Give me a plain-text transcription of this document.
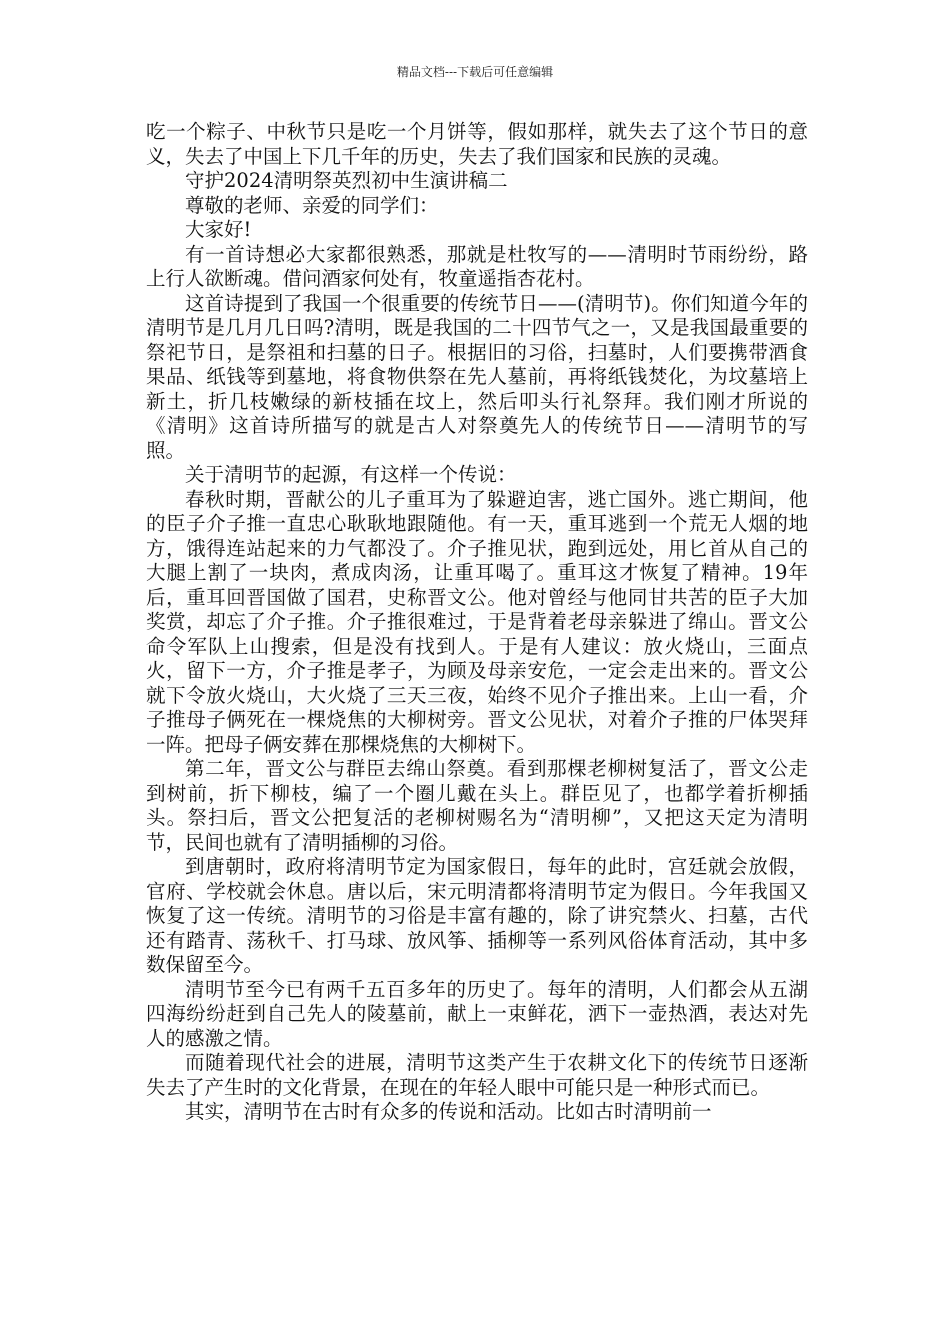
精品文档---下载后可任意编辑

吃一个粽子、中秋节只是吃一个月饼等，假如那样，就失去了这个节日的意义，失去了中国上下几千年的历史，失去了我们国家和民族的灵魂。

守护2024清明祭英烈初中生演讲稿二

尊敬的老师、亲爱的同学们：

大家好!

有一首诗想必大家都很熟悉，那就是杜牧写的——清明时节雨纷纷，路上行人欲断魂。借问酒家何处有，牧童遥指杏花村。

这首诗提到了我国一个很重要的传统节日——(清明节)。你们知道今年的清明节是几月几日吗?清明，既是我国的二十四节气之一，又是我国最重要的祭祀节日，是祭祖和扫墓的日子。根据旧的习俗，扫墓时，人们要携带酒食果品、纸钱等到墓地，将食物供祭在先人墓前，再将纸钱焚化，为坟墓培上新土，折几枝嫩绿的新枝插在坟上，然后叩头行礼祭拜。我们刚才所说的《清明》这首诗所描写的就是古人对祭奠先人的传统节日——清明节的写照。

关于清明节的起源，有这样一个传说：

春秋时期，晋献公的儿子重耳为了躲避迫害，逃亡国外。逃亡期间，他的臣子介子推一直忠心耿耿地跟随他。有一天，重耳逃到一个荒无人烟的地方，饿得连站起来的力气都没了。介子推见状，跑到远处，用匕首从自己的大腿上割了一块肉，煮成肉汤，让重耳喝了。重耳这才恢复了精神。19年后，重耳回晋国做了国君，史称晋文公。他对曾经与他同甘共苦的臣子大加奖赏，却忘了介子推。介子推很难过，于是背着老母亲躲进了绵山。晋文公命令军队上山搜索，但是没有找到人。于是有人建议：放火烧山，三面点火，留下一方，介子推是孝子，为顾及母亲安危，一定会走出来的。晋文公就下令放火烧山，大火烧了三天三夜，始终不见介子推出来。上山一看，介子推母子俩死在一棵烧焦的大柳树旁。晋文公见状，对着介子推的尸体哭拜一阵。把母子俩安葬在那棵烧焦的大柳树下。

第二年，晋文公与群臣去绵山祭奠。看到那棵老柳树复活了，晋文公走到树前，折下柳枝，编了一个圈儿戴在头上。群臣见了，也都学着折柳插头。祭扫后，晋文公把复活的老柳树赐名为“清明柳”，又把这天定为清明节，民间也就有了清明插柳的习俗。

到唐朝时，政府将清明节定为国家假日，每年的此时，宫廷就会放假，官府、学校就会休息。唐以后，宋元明清都将清明节定为假日。今年我国又恢复了这一传统。清明节的习俗是丰富有趣的，除了讲究禁火、扫墓，古代还有踏青、荡秋千、打马球、放风筝、插柳等一系列风俗体育活动，其中多数保留至今。

清明节至今已有两千五百多年的历史了。每年的清明，人们都会从五湖四海纷纷赶到自己先人的陵墓前，献上一束鲜花，洒下一壶热酒，表达对先人的感激之情。

而随着现代社会的进展，清明节这类产生于农耕文化下的传统节日逐渐失去了产生时的文化背景，在现在的年轻人眼中可能只是一种形式而已。

其实，清明节在古时有众多的传说和活动。比如古时清明前一
